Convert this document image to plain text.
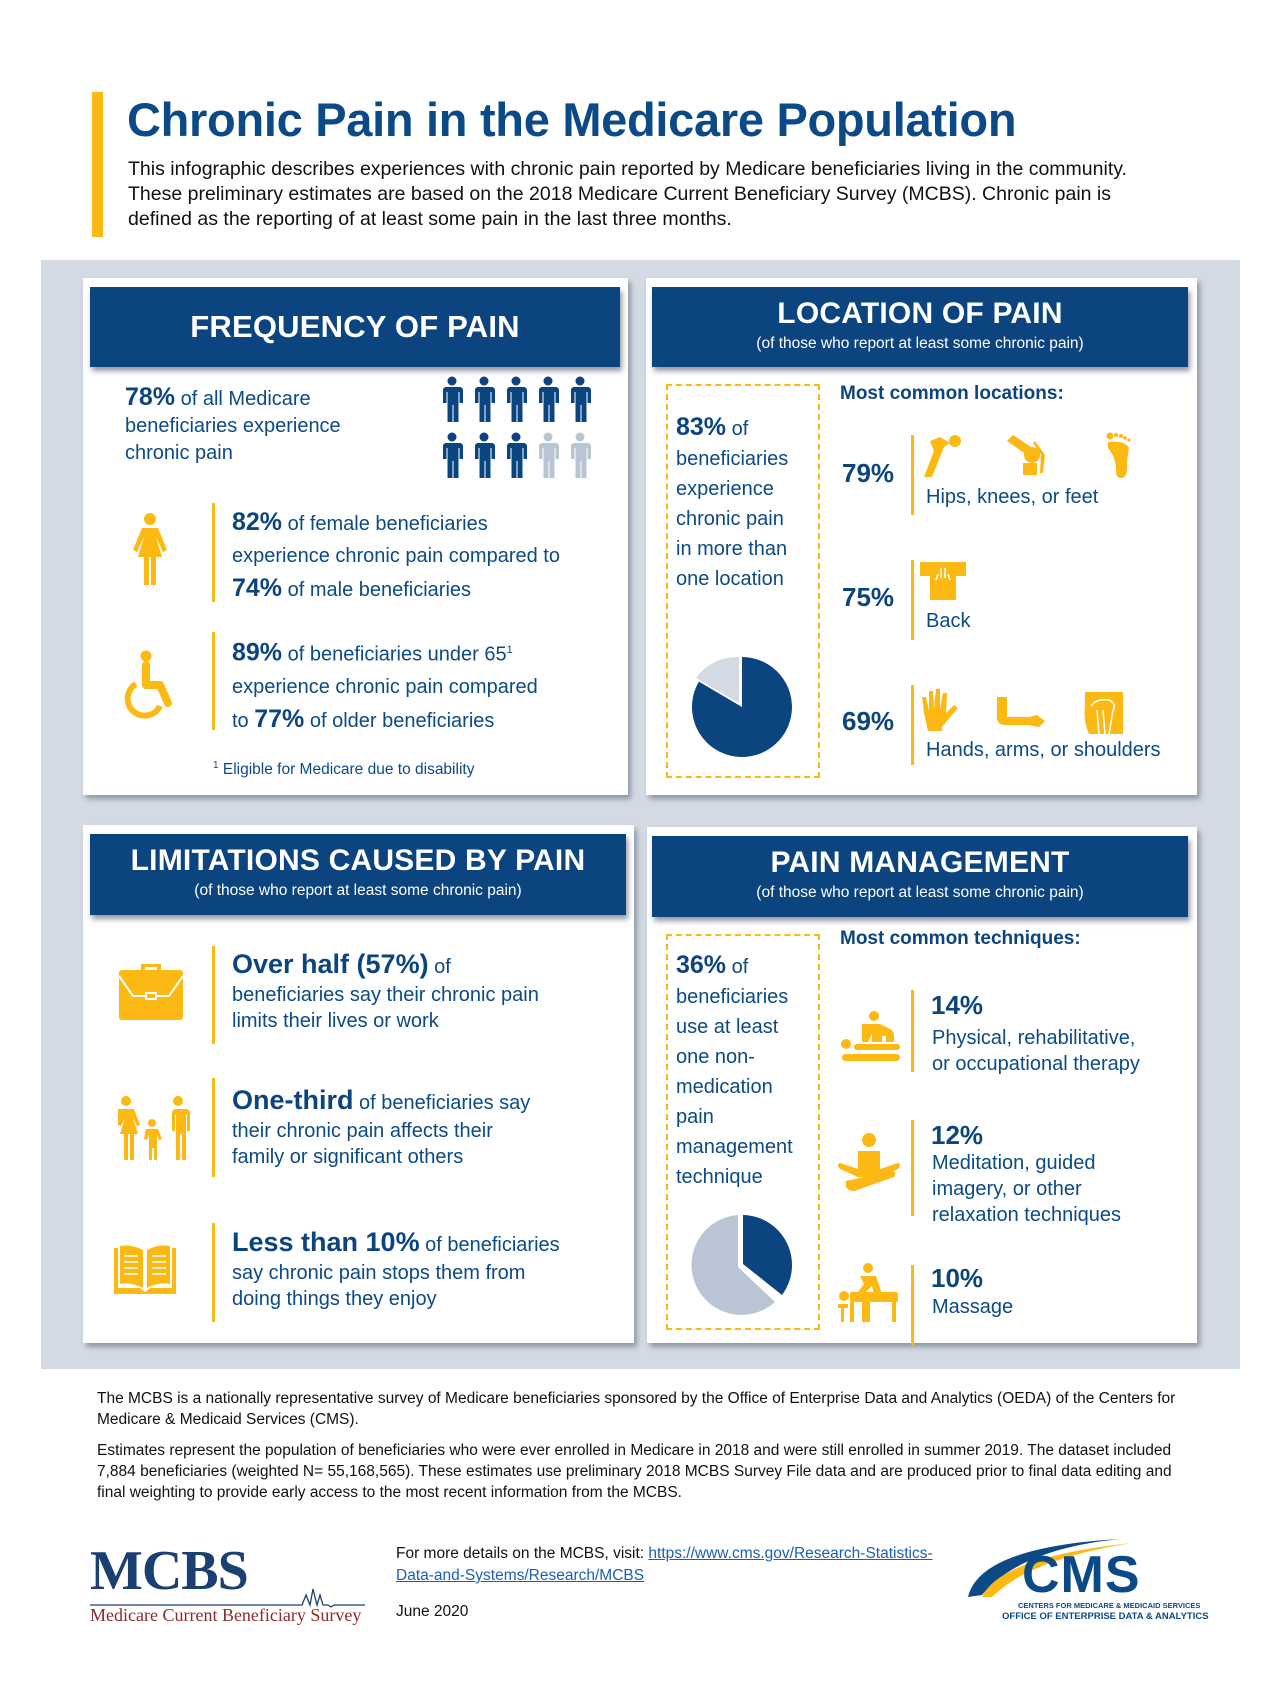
Chronic Pain in the Medicare Population
This infographic describes experiences with chronic pain reported by Medicare beneficiaries living in the community. These preliminary estimates are based on the 2018 Medicare Current Beneficiary Survey (MCBS). Chronic pain is defined as the reporting of at least some pain in the last three months.
FREQUENCY OF PAIN
78% of all Medicare
beneficiaries experience
chronic pain
82% of female beneficiaries
experience chronic pain compared to
74% of male beneficiaries
89% of beneficiaries under $65^1$
experience chronic pain compared
to 77% of older beneficiaries
$^1$ Eligible for Medicare due to disability
LOCATION OF PAIN
(of those who report at least some chronic pain)
83% of
beneficiaries
experience
chronic pain
in more than
one location
Most common locations:
79%
Hips, knees, or feet
75%
Back
69%
Hands, arms, or shoulders
LIMITATIONS CAUSED BY PAIN
(of those who report at least some chronic pain)
Over half (57%) of
beneficiaries say their chronic pain
limits their lives or work
One-third of beneficiaries say
their chronic pain affects their
family or significant others
Less than 10% of beneficiaries
say chronic pain stops them from
doing things they enjoy
PAIN MANAGEMENT
(of those who report at least some chronic pain)
36% of
beneficiaries
use at least
one non-
medication
pain
management
technique
Most common techniques:
14%
Physical, rehabilitative,
or occupational therapy
12%
Meditation, guided
imagery, or other
relaxation techniques
10%
Massage
The MCBS is a nationally representative survey of Medicare beneficiaries sponsored by the Office of Enterprise Data and Analytics (OEDA) of the Centers for Medicare & Medicaid Services (CMS).
Estimates represent the population of beneficiaries who were ever enrolled in Medicare in 2018 and were still enrolled in summer 2019. The dataset included 7,884 beneficiaries (weighted N= 55,168,565). These estimates use preliminary 2018 MCBS Survey File data and are produced prior to final data editing and final weighting to provide early access to the most recent information from the MCBS.
MCBS
Medicare Current Beneficiary Survey
For more details on the MCBS, visit: https://www.cms.gov/Research-Statistics-Data-and-Systems/Research/MCBS
June 2020
CMS
CENTERS FOR MEDICARE & MEDICAID SERVICES
OFFICE OF ENTERPRISE DATA & ANALYTICS
